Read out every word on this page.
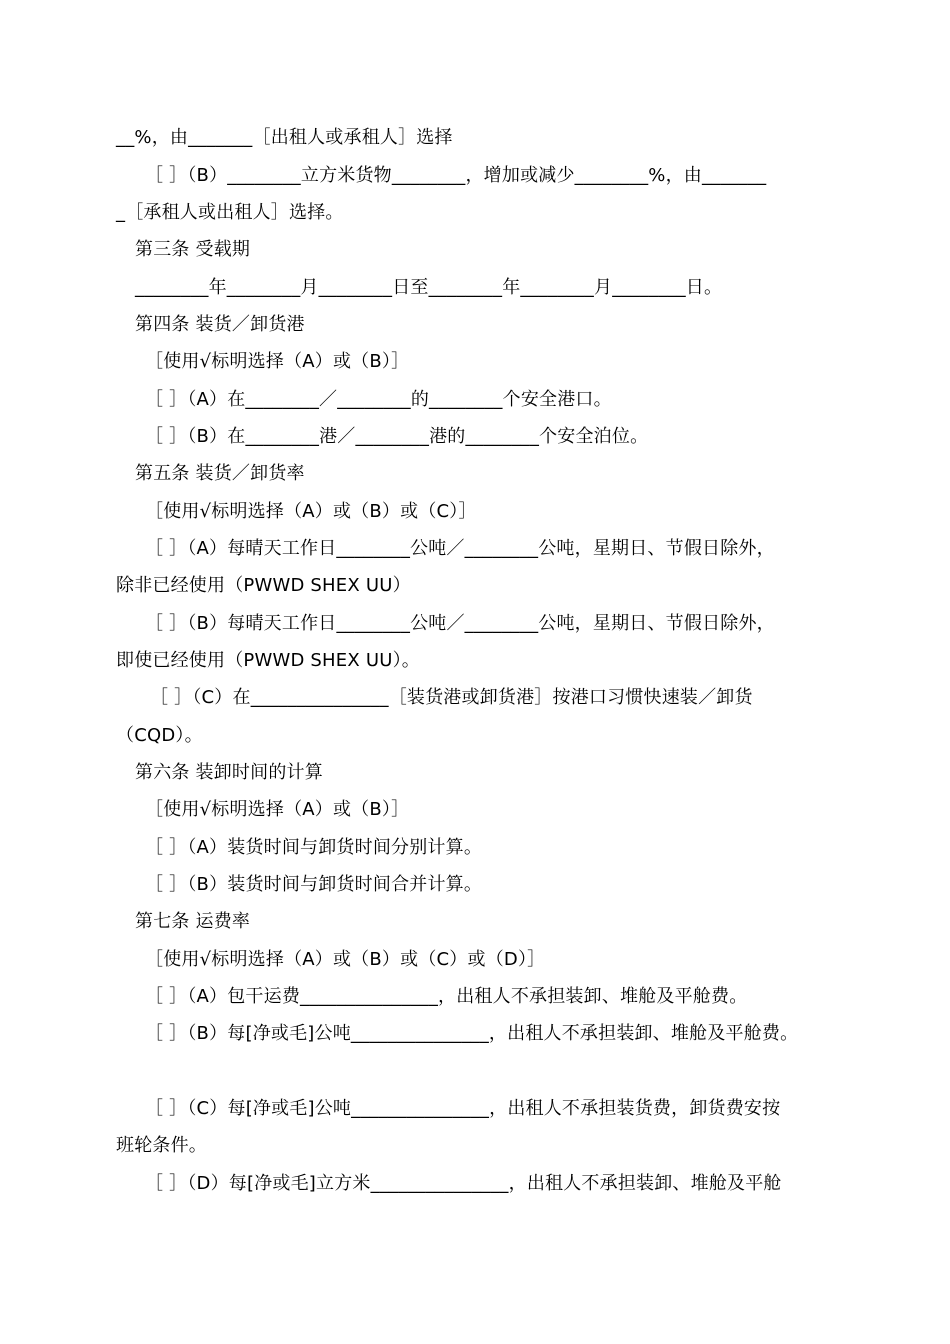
__%，由_______［出租人或承租人］选择
［ ］（B）________立方米货物________，增加或减少________%，由_______
_［承租人或出租人］选择。
第三条 受载期
________年________月________日至________年________月________日。
第四条 装货／卸货港
［使用√标明选择（A）或（B）］
［ ］（A）在________／________的________个安全港口。
［ ］（B）在________港／________港的________个安全泊位。
第五条 装货／卸货率
［使用√标明选择（A）或（B）或（C）］
［ ］（A）每晴天工作日________公吨／________公吨，星期日、节假日除外，
除非已经使用（PWWD SHEX UU）
［ ］（B）每晴天工作日________公吨／________公吨，星期日、节假日除外，
即使已经使用（PWWD SHEX UU）。
［ ］（C）在_______________［装货港或卸货港］按港口习惯快速装／卸货
（CQD）。
第六条 装卸时间的计算
［使用√标明选择（A）或（B）］
［ ］（A）装货时间与卸货时间分别计算。
［ ］（B）装货时间与卸货时间合并计算。
第七条 运费率
［使用√标明选择（A）或（B）或（C）或（D）］
［ ］（A）包干运费_______________，出租人不承担装卸、堆舱及平舱费。
［ ］（B）每[净或毛]公吨_______________，出租人不承担装卸、堆舱及平舱费。
［ ］（C）每[净或毛]公吨_______________，出租人不承担装货费，卸货费安按
班轮条件。
［ ］（D）每[净或毛]立方米_______________，出租人不承担装卸、堆舱及平舱
